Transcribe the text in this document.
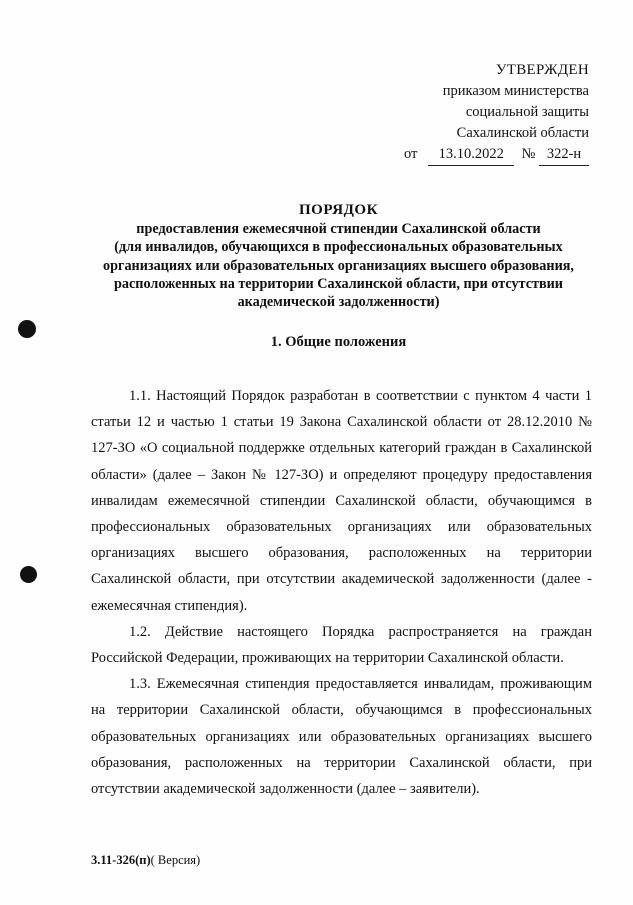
УТВЕРЖДЕН
приказом министерства
социальной защиты
Сахалинской области
от 13.10.2022 № 322-н
ПОРЯДОК
предоставления ежемесячной стипендии Сахалинской области
(для инвалидов, обучающихся в профессиональных образовательных
организациях или образовательных организациях высшего образования,
расположенных на территории Сахалинской области, при отсутствии
академической задолженности)
1. Общие положения

1.1. Настоящий Порядок разработан в соответствии с пунктом 4 части 1 статьи 12 и частью 1 статьи 19 Закона Сахалинской области от 28.12.2010 № 127-ЗО «О социальной поддержке отдельных категорий граждан в Сахалинской области» (далее – Закон № 127-ЗО) и определяют процедуру предоставления инвалидам ежемесячной стипендии Сахалинской области, обучающимся в профессиональных образовательных организациях или образовательных организациях высшего образования, расположенных на территории Сахалинской области, при отсутствии академической задолженности (далее - ежемесячная стипендия).

1.2. Действие настоящего Порядка распространяется на граждан Российской Федерации, проживающих на территории Сахалинской области.

1.3. Ежемесячная стипендия предоставляется инвалидам, проживающим на территории Сахалинской области, обучающимся в профессиональных образовательных организациях или образовательных организациях высшего образования, расположенных на территории Сахалинской области, при отсутствии академической задолженности (далее – заявители).

3.11-326(п)( Версия)
